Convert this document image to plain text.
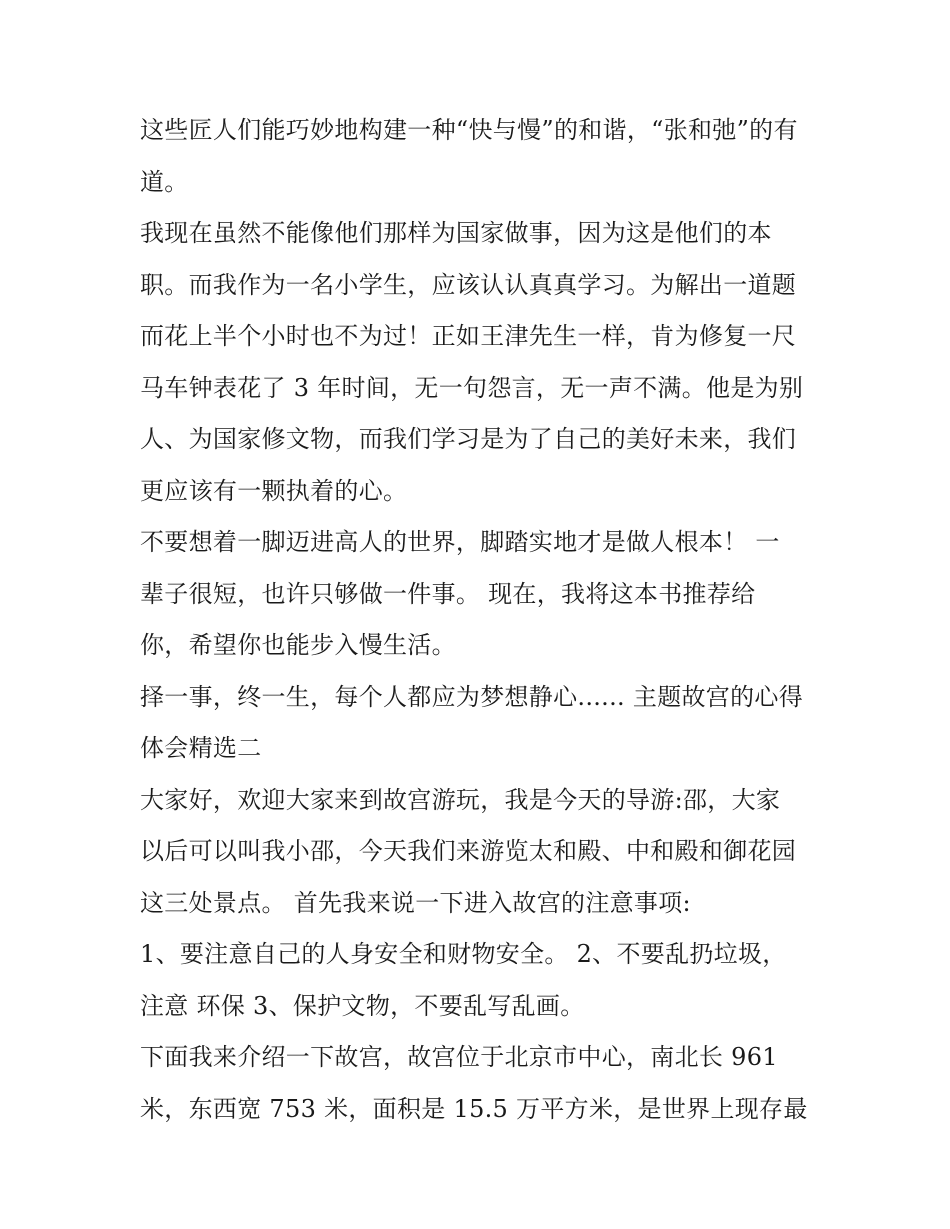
这些匠人们能巧妙地构建一种“快与慢”的和谐，“张和弛”的有
道。
我现在虽然不能像他们那样为国家做事，因为这是他们的本
职。而我作为一名小学生，应该认认真真学习。为解出一道题
而花上半个小时也不为过！正如王津先生一样，肯为修复一尺
马车钟表花了 3 年时间，无一句怨言，无一声不满。他是为别
人、为国家修文物，而我们学习是为了自己的美好未来，我们
更应该有一颗执着的心。
不要想着一脚迈进高人的世界，脚踏实地才是做人根本！ 一
辈子很短，也许只够做一件事。 现在，我将这本书推荐给
你，希望你也能步入慢生活。
择一事，终一生，每个人都应为梦想静心...... 主题故宫的心得
体会精选二
大家好，欢迎大家来到故宫游玩，我是今天的导游:邵，大家
以后可以叫我小邵，今天我们来游览太和殿、中和殿和御花园
这三处景点。 首先我来说一下进入故宫的注意事项:
1、要注意自己的人身安全和财物安全。 2、不要乱扔垃圾，
注意 环保 3、保护文物，不要乱写乱画。
下面我来介绍一下故宫，故宫位于北京市中心，南北长 961
米，东西宽 753 米，面积是 15.5 万平方米，是世界上现存最
